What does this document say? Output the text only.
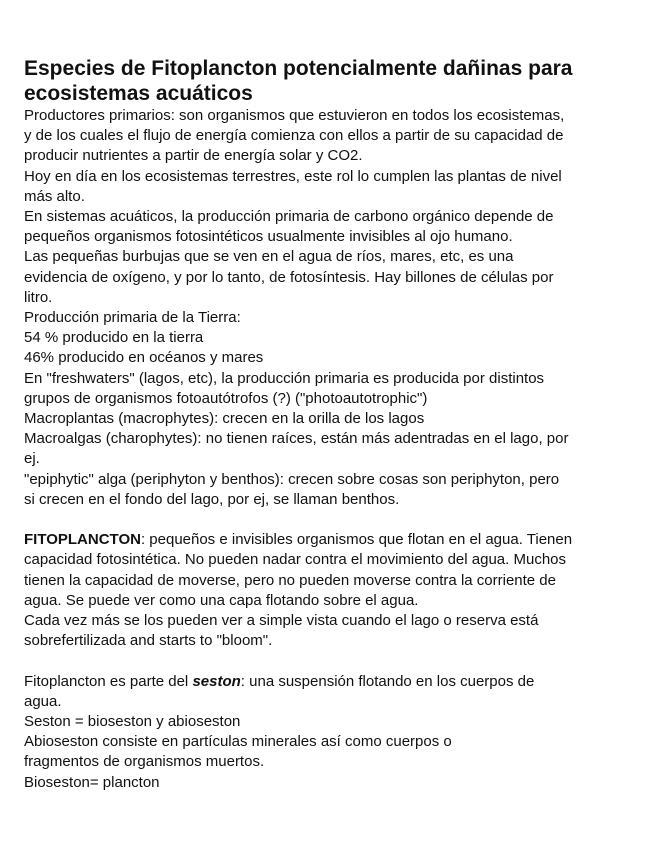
Especies de Fitoplancton potencialmente dañinas para
ecosistemas acuáticos
Productores primarios: son organismos que estuvieron en todos los ecosistemas,
y de los cuales el flujo de energía comienza con ellos a partir de su capacidad de
producir nutrientes a partir de energía solar y CO2.
Hoy en día en los ecosistemas terrestres, este rol lo cumplen las plantas de nivel
más alto.
En sistemas acuáticos, la producción primaria de carbono orgánico depende de
pequeños organismos fotosintéticos usualmente invisibles al ojo humano.
Las pequeñas burbujas que se ven en el agua de ríos, mares, etc, es una
evidencia de oxígeno, y por lo tanto, de fotosíntesis. Hay billones de células por
litro.
Producción primaria de la Tierra:
54 % producido en la tierra
46% producido en océanos y mares
En "freshwaters" (lagos, etc), la producción primaria es producida por distintos
grupos de organismos fotoautótrofos (?) ("photoautotrophic")
Macroplantas (macrophytes): crecen en la orilla de los lagos
Macroalgas (charophytes): no tienen raíces, están más adentradas en el lago, por
ej.
"epiphytic" alga (periphyton y benthos): crecen sobre cosas son periphyton, pero
si crecen en el fondo del lago, por ej, se llaman benthos.
FITOPLANCTON: pequeños e invisibles organismos que flotan en el agua. Tienen
capacidad fotosintética. No pueden nadar contra el movimiento del agua. Muchos
tienen la capacidad de moverse, pero no pueden moverse contra la corriente de
agua. Se puede ver como una capa flotando sobre el agua.
Cada vez más se los pueden ver a simple vista cuando el lago o reserva está
sobrefertilizada and starts to "bloom".
Fitoplancton es parte del seston: una suspensión flotando en los cuerpos de
agua.
Seston = bioseston y abioseston
Abioseston consiste en partículas minerales así como cuerpos o
fragmentos de organismos muertos.
Bioseston= plancton
